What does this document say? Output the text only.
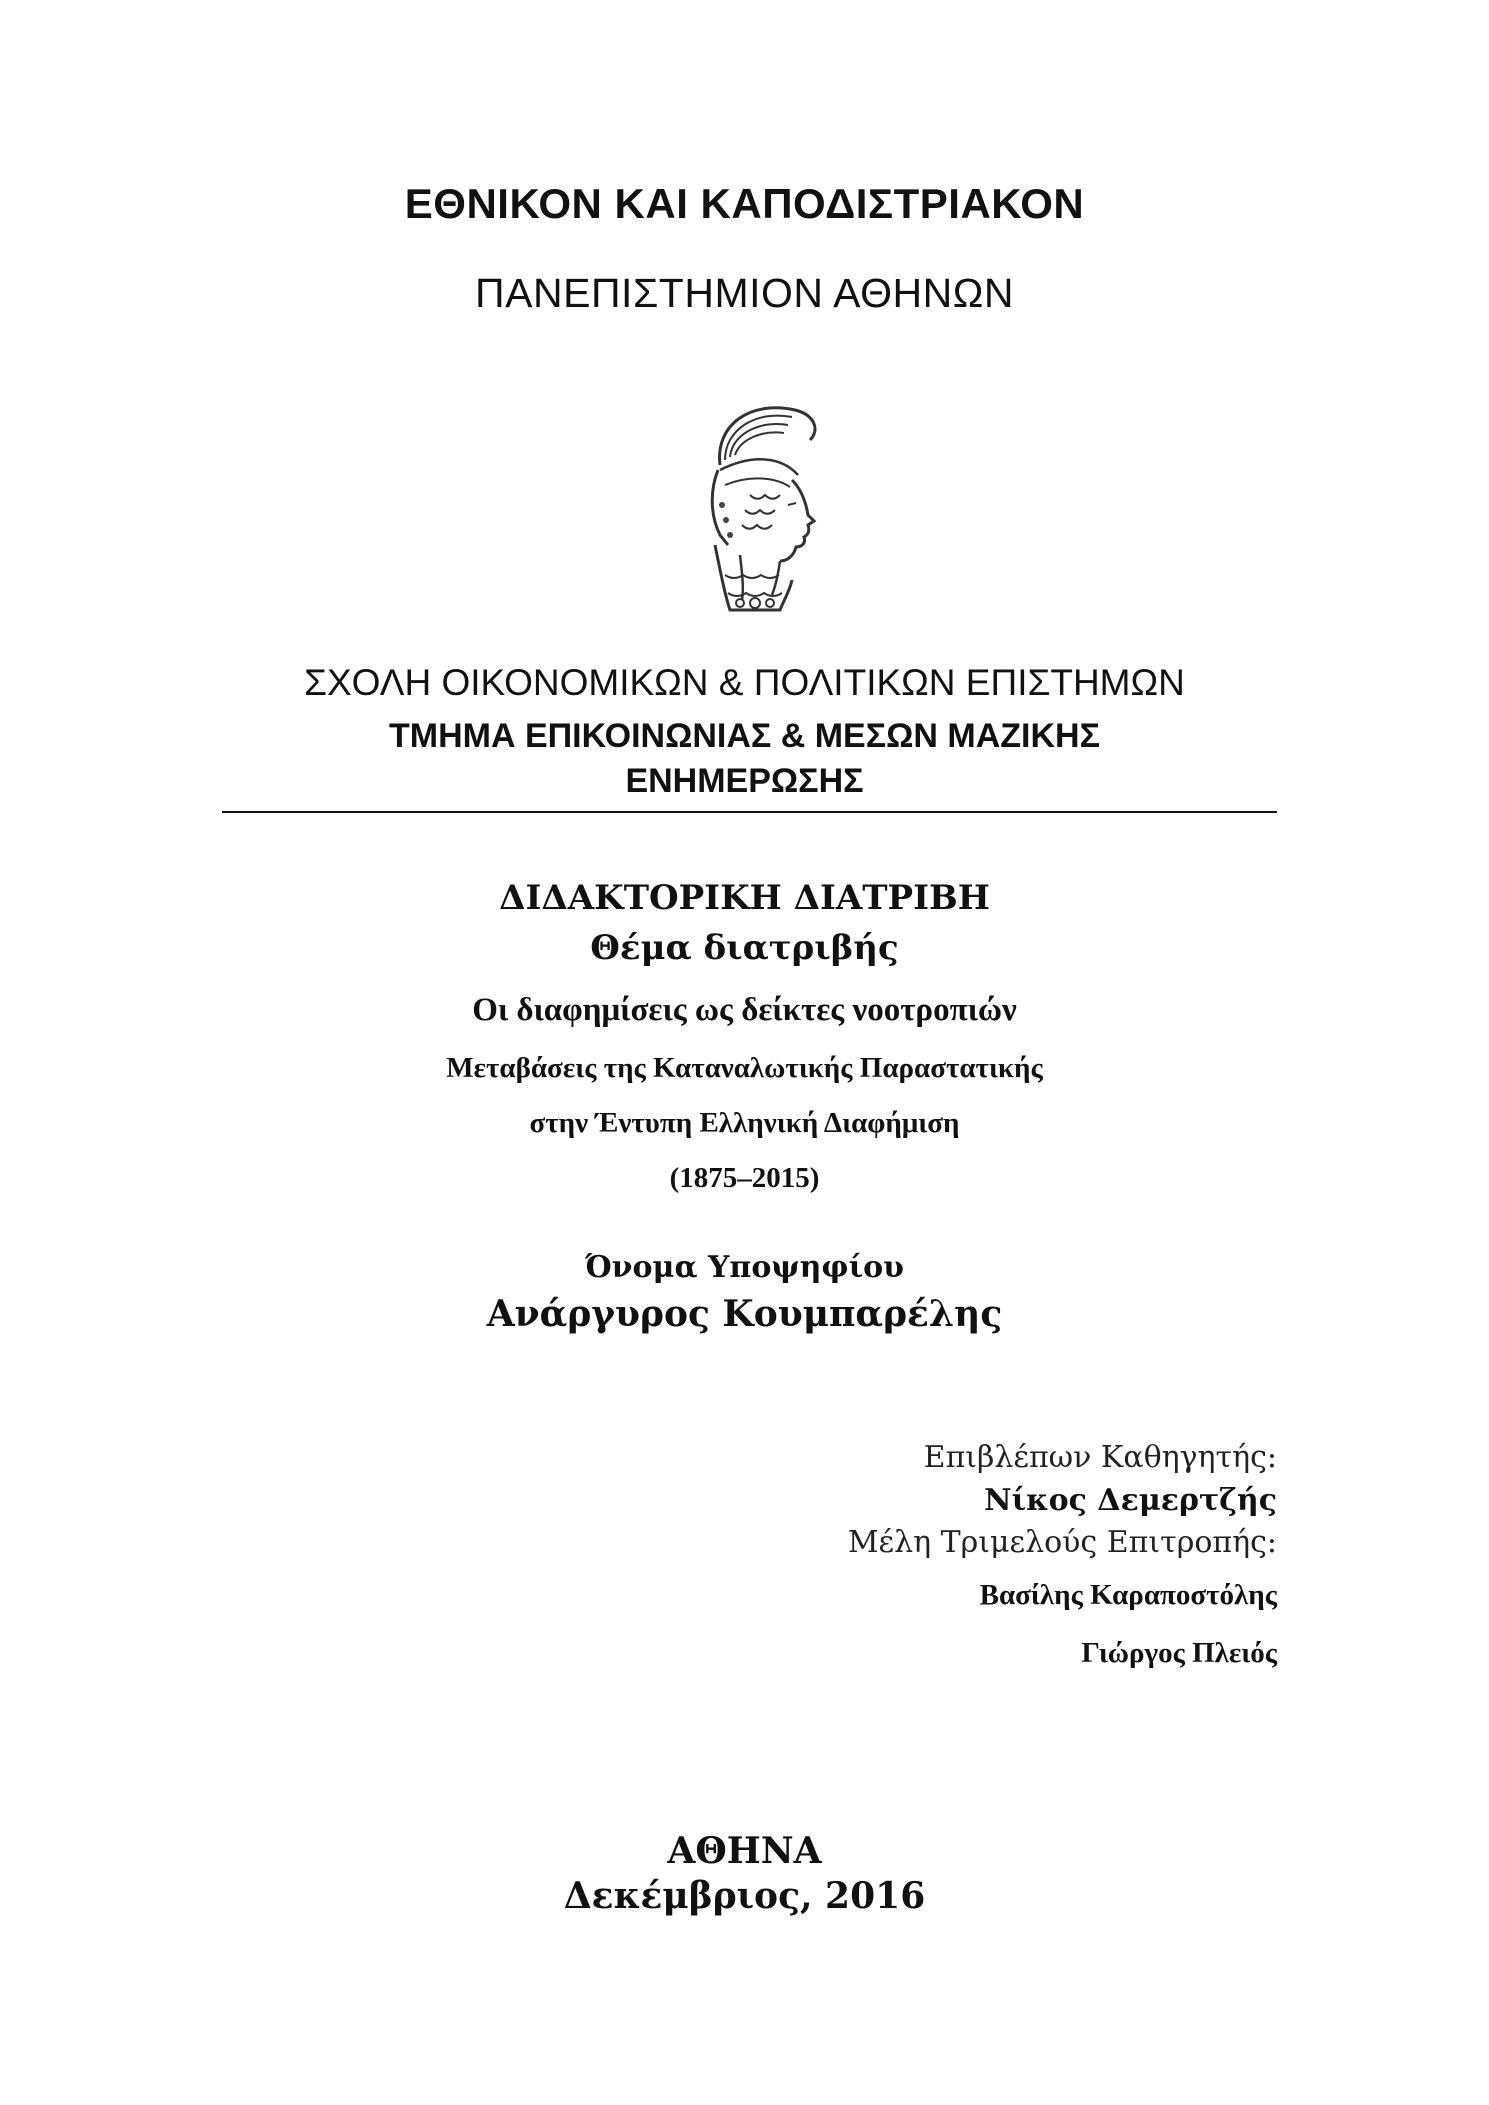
ΕΘΝΙΚΟΝ ΚΑΙ ΚΑΠΟΔΙΣΤΡΙΑΚΟΝ
ΠΑΝΕΠΙΣΤΗΜΙΟΝ ΑΘΗΝΩΝ
ΣΧΟΛΗ ΟΙΚΟΝΟΜΙΚΩΝ & ΠΟΛΙΤΙΚΩΝ ΕΠΙΣΤΗΜΩΝ
ΤΜΗΜΑ ΕΠΙΚΟΙΝΩΝΙΑΣ & ΜΕΣΩΝ ΜΑΖΙΚΗΣ
ΕΝΗΜΕΡΩΣΗΣ
ΔΙΔΑΚΤΟΡΙΚΗ ΔΙΑΤΡΙΒΗ
Θέμα διατριβής
Οι διαφημίσεις ως δείκτες νοοτροπιών
Μεταβάσεις της Καταναλωτικής Παραστατικής
στην Έντυπη Ελληνική Διαφήμιση
(1875–2015)
Όνομα Υποψηφίου
Ανάργυρος Κουμπαρέλης
Επιβλέπων Καθηγητής:
Νίκος Δεμερτζής
Μέλη Τριμελούς Επιτροπής:
Βασίλης Καραποστόλης
Γιώργος Πλειός
ΑΘΗΝΑ
Δεκέμβριος, 2016
